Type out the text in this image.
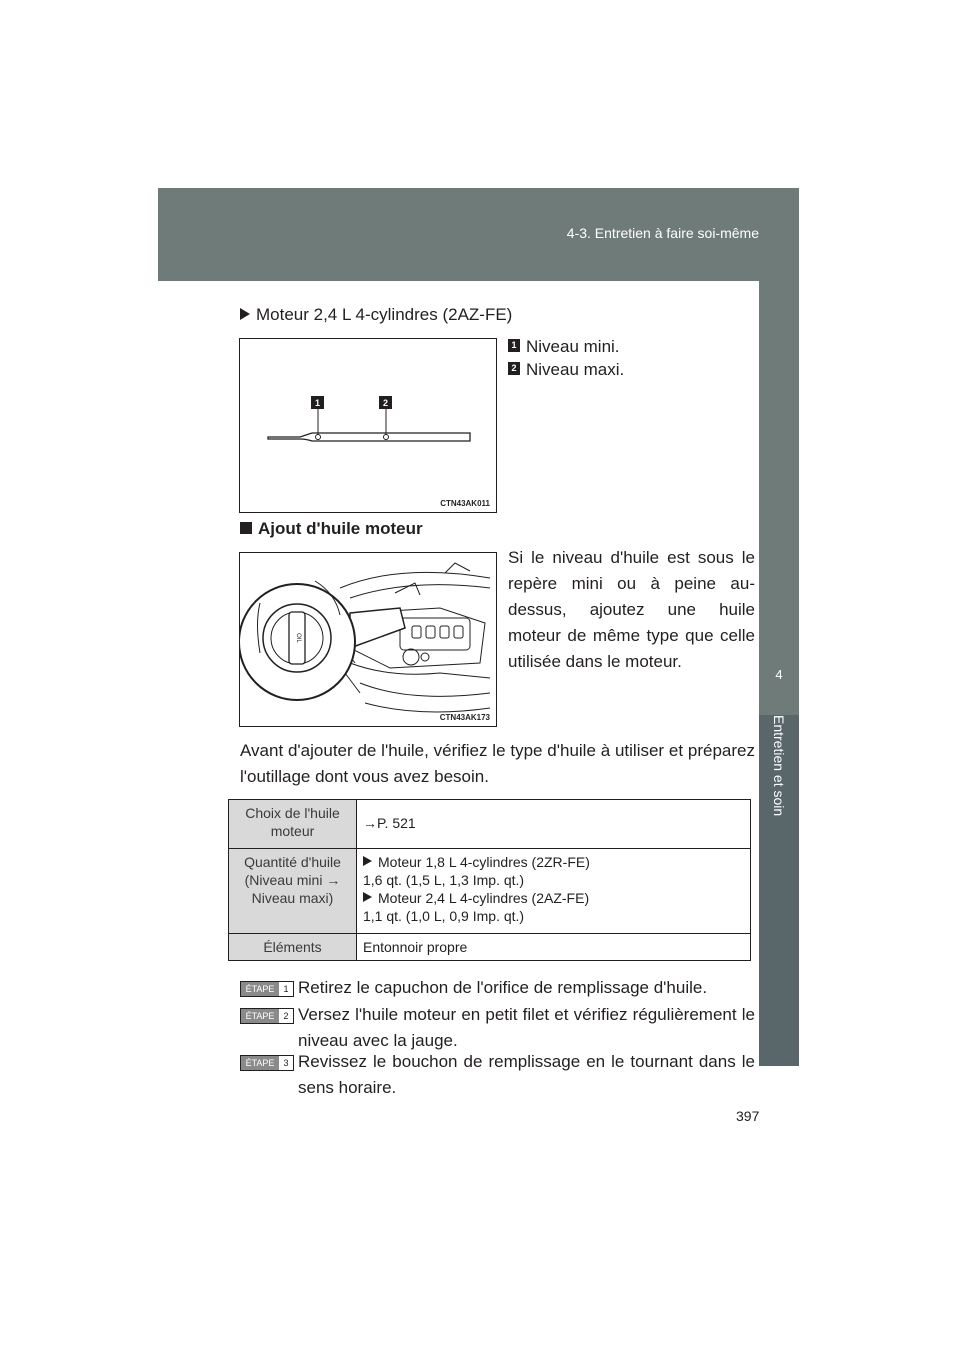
4-3. Entretien à faire soi-même
4
Entretien et soin
Moteur 2,4 L 4-cylindres (2AZ-FE)
1	2
CTN43AK011
1 Niveau mini.
2 Niveau maxi.
Ajout d'huile moteur
OIL
CTN43AK173
Si le niveau d'huile est sous le repère mini ou à peine au-dessus, ajoutez une huile moteur de même type que celle utilisée dans le moteur.
Avant d'ajouter de l'huile, vérifiez le type d'huile à utiliser et préparez l'outillage dont vous avez besoin.
Choix de l'huile moteur	→P. 521
Quantité d'huile (Niveau mini → Niveau maxi)	Moteur 1,8 L 4-cylindres (2ZR-FE)
1,6 qt. (1,5 L, 1,3 Imp. qt.)
Moteur 2,4 L 4-cylindres (2AZ-FE)
1,1 qt. (1,0 L, 0,9 Imp. qt.)

Éléments	Entonnoir propre
ÉTAPE	1 Retirez le capuchon de l'orifice de remplissage d'huile.
ÉTAPE	2 Versez l'huile moteur en petit filet et vérifiez régulièrement le niveau avec la jauge.
ÉTAPE	3 Revissez le bouchon de remplissage en le tournant dans le sens horaire.
397
